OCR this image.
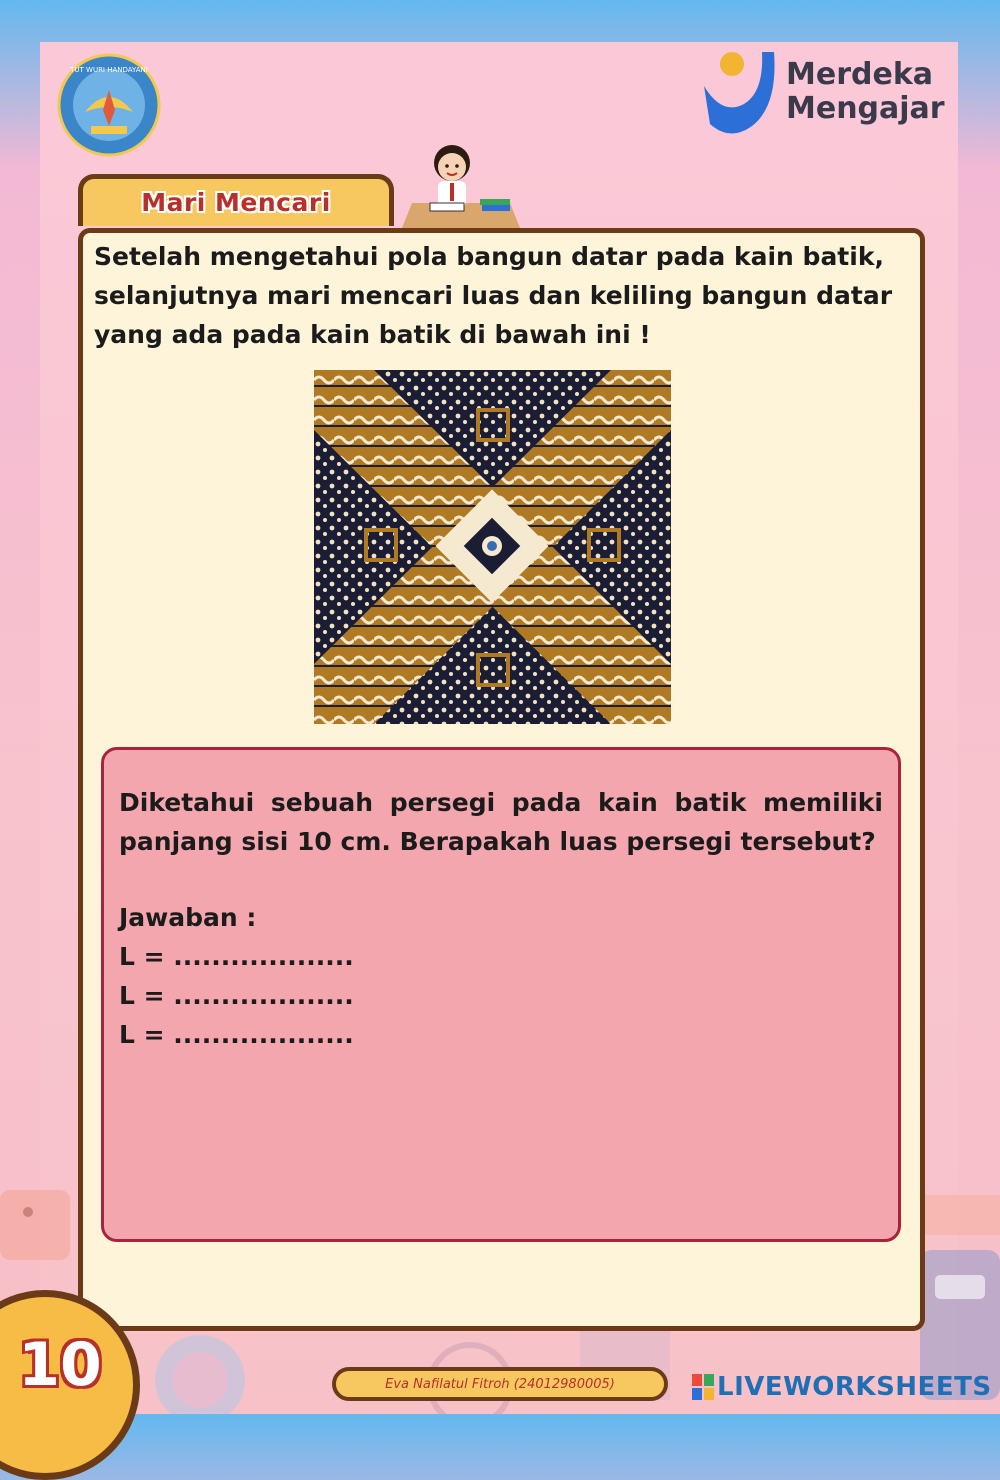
TUT WURI HANDAYANI	Merdeka
Mengajar
Mari Mencari

Setelah mengetahui pola bangun datar pada kain batik, selanjutnya mari mencari luas dan keliling bangun datar yang ada pada kain batik di bawah ini !

Diketahui sebuah persegi pada kain batik memiliki panjang sisi 10 cm. Berapakah luas persegi tersebut?

Jawaban :
L = ...................
L = ...................
L = ...................
10	Eva Nafilatul Fitroh (24012980005)	LIVEWORKSHEETS
